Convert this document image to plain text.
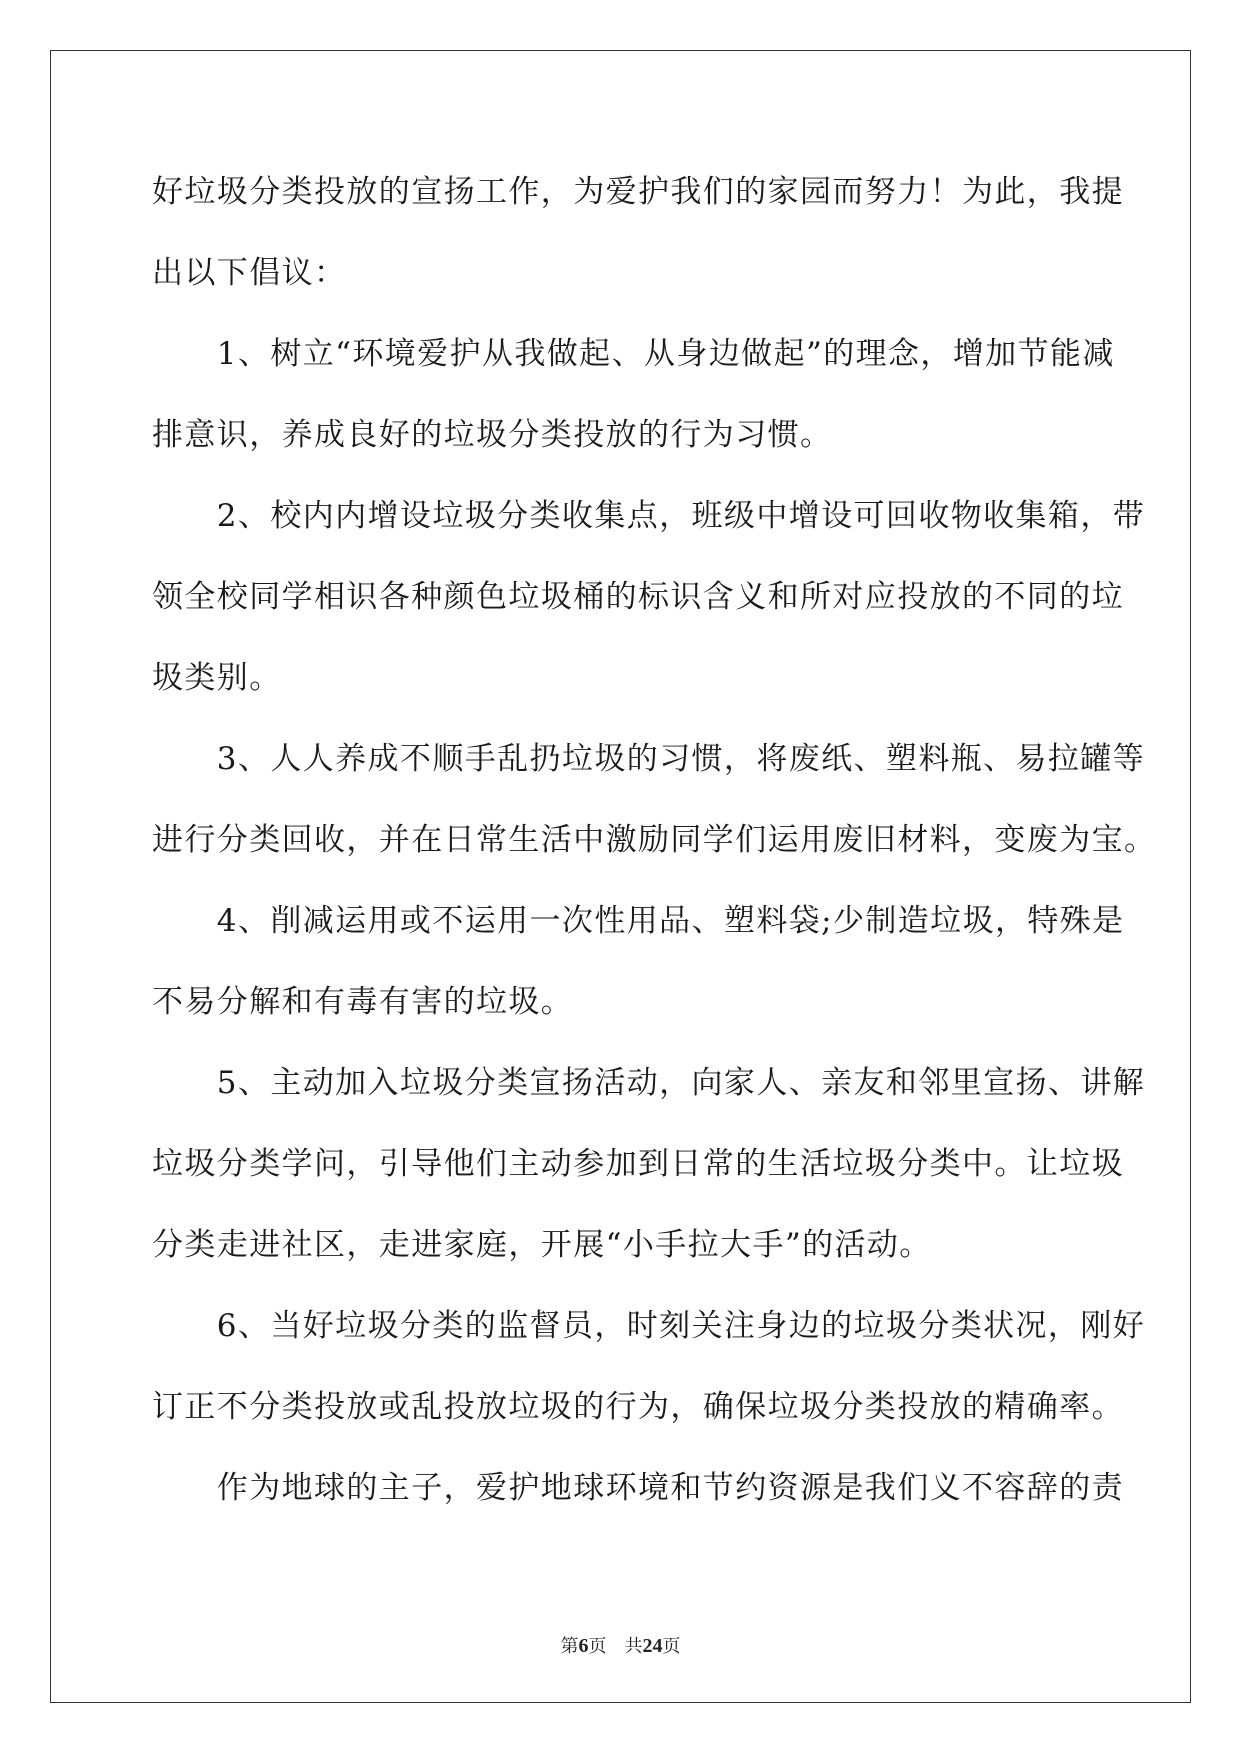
好垃圾分类投放的宣扬工作，为爱护我们的家园而努力！为此，我提
出以下倡议：
　　1、树立“环境爱护从我做起、从身边做起”的理念，增加节能减
排意识，养成良好的垃圾分类投放的行为习惯。
　　2、校内内增设垃圾分类收集点，班级中增设可回收物收集箱，带
领全校同学相识各种颜色垃圾桶的标识含义和所对应投放的不同的垃
圾类别。
　　3、人人养成不顺手乱扔垃圾的习惯，将废纸、塑料瓶、易拉罐等
进行分类回收，并在日常生活中激励同学们运用废旧材料，变废为宝。
　　4、削减运用或不运用一次性用品、塑料袋;少制造垃圾，特殊是
不易分解和有毒有害的垃圾。
　　5、主动加入垃圾分类宣扬活动，向家人、亲友和邻里宣扬、讲解
垃圾分类学问，引导他们主动参加到日常的生活垃圾分类中。让垃圾
分类走进社区，走进家庭，开展“小手拉大手”的活动。
　　6、当好垃圾分类的监督员，时刻关注身边的垃圾分类状况，刚好
订正不分类投放或乱投放垃圾的行为，确保垃圾分类投放的精确率。
　　作为地球的主子，爱护地球环境和节约资源是我们义不容辞的责
第6页 共24页
